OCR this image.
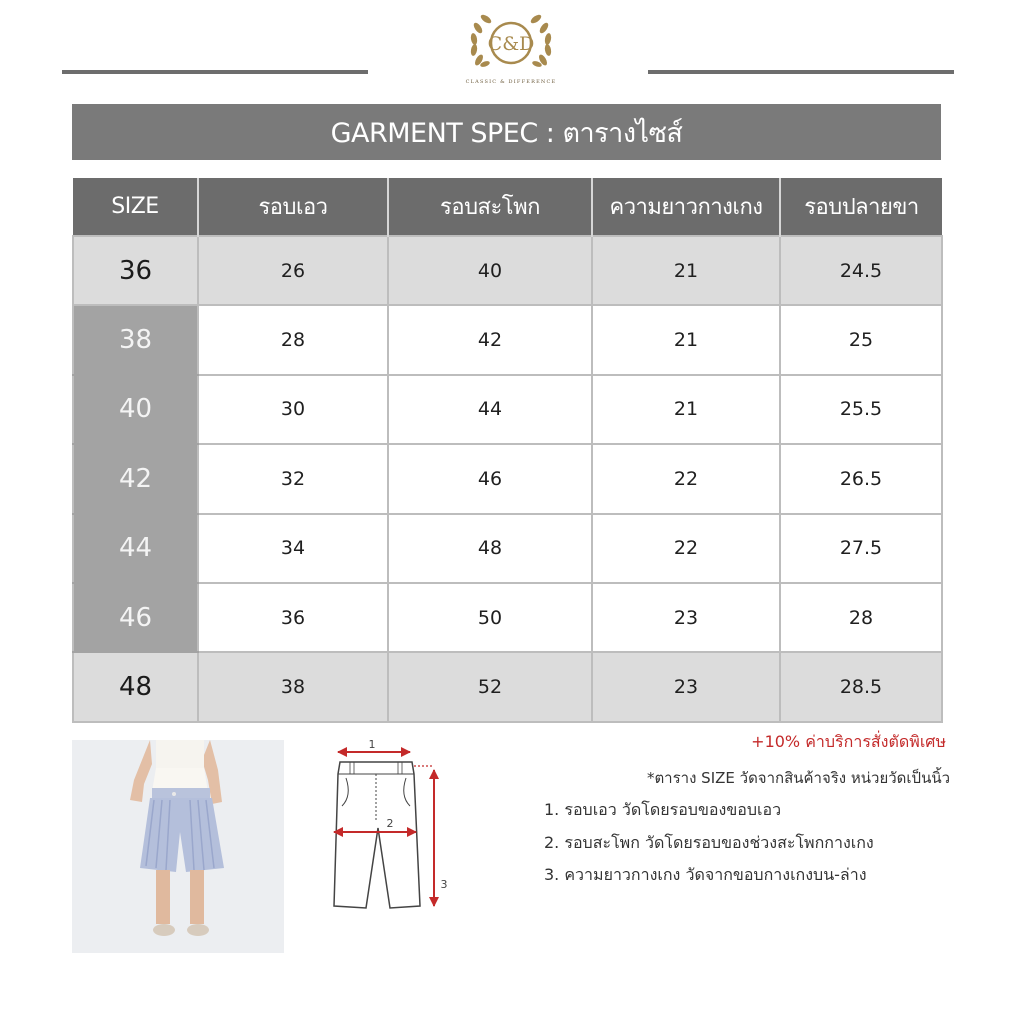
C&D
CLASSIC & DIFFERENCE
GARMENT SPEC : ตารางไซส์
SIZE	รอบเอว	รอบสะโพก	ความยาวกางเกง	รอบปลายขา
36	26	40	21	24.5
38	28	42	21	25
40	30	44	21	25.5
42	32	46	22	26.5
44	34	48	22	27.5
46	36	50	23	28
48	38	52	23	28.5
1
2
3
+10% ค่าบริการสั่งตัดพิเศษ
*ตาราง SIZE วัดจากสินค้าจริง หน่วยวัดเป็นนิ้ว
1. รอบเอว วัดโดยรอบของขอบเอว
2. รอบสะโพก วัดโดยรอบของช่วงสะโพกกางเกง
3. ความยาวกางเกง วัดจากขอบกางเกงบน-ล่าง
